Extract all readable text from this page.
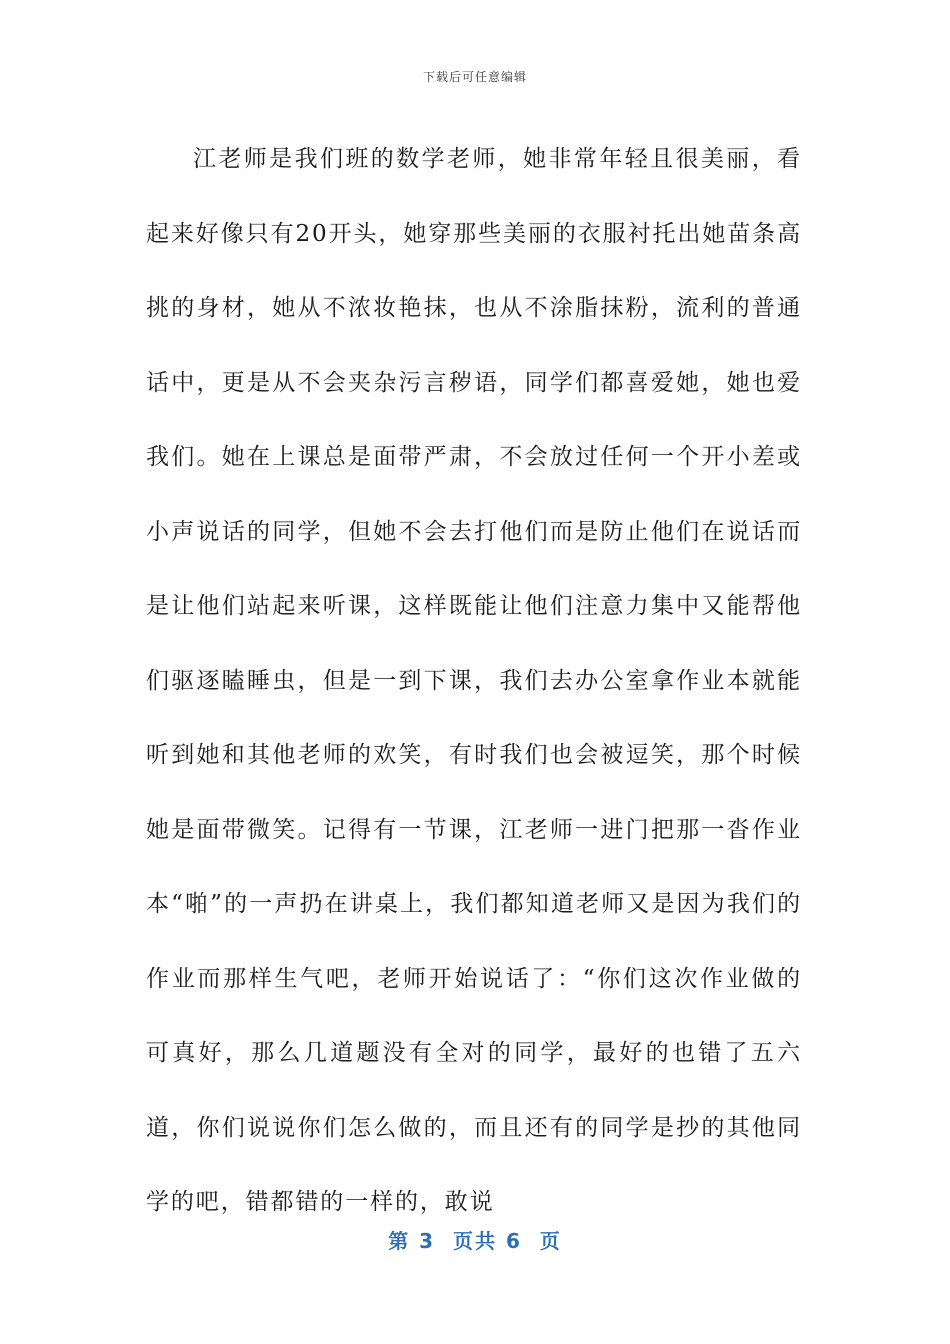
下载后可任意编辑

江老师是我们班的数学老师，她非常年轻且很美丽，看起来好像只有20开头，她穿那些美丽的衣服衬托出她苗条高挑的身材，她从不浓妆艳抹，也从不涂脂抹粉，流利的普通话中，更是从不会夹杂污言秽语，同学们都喜爱她，她也爱我们。她在上课总是面带严肃，不会放过任何一个开小差或小声说话的同学，但她不会去打他们而是防止他们在说话而是让他们站起来听课，这样既能让他们注意力集中又能帮他们驱逐瞌睡虫，但是一到下课，我们去办公室拿作业本就能听到她和其他老师的欢笑，有时我们也会被逗笑，那个时候她是面带微笑。记得有一节课，江老师一进门把那一沓作业本“啪”的一声扔在讲桌上，我们都知道老师又是因为我们的作业而那样生气吧，老师开始说话了：“你们这次作业做的可真好，那么几道题没有全对的同学，最好的也错了五六道，你们说说你们怎么做的，而且还有的同学是抄的其他同学的吧，错都错的一样的，敢说

第 3  页共 6  页
